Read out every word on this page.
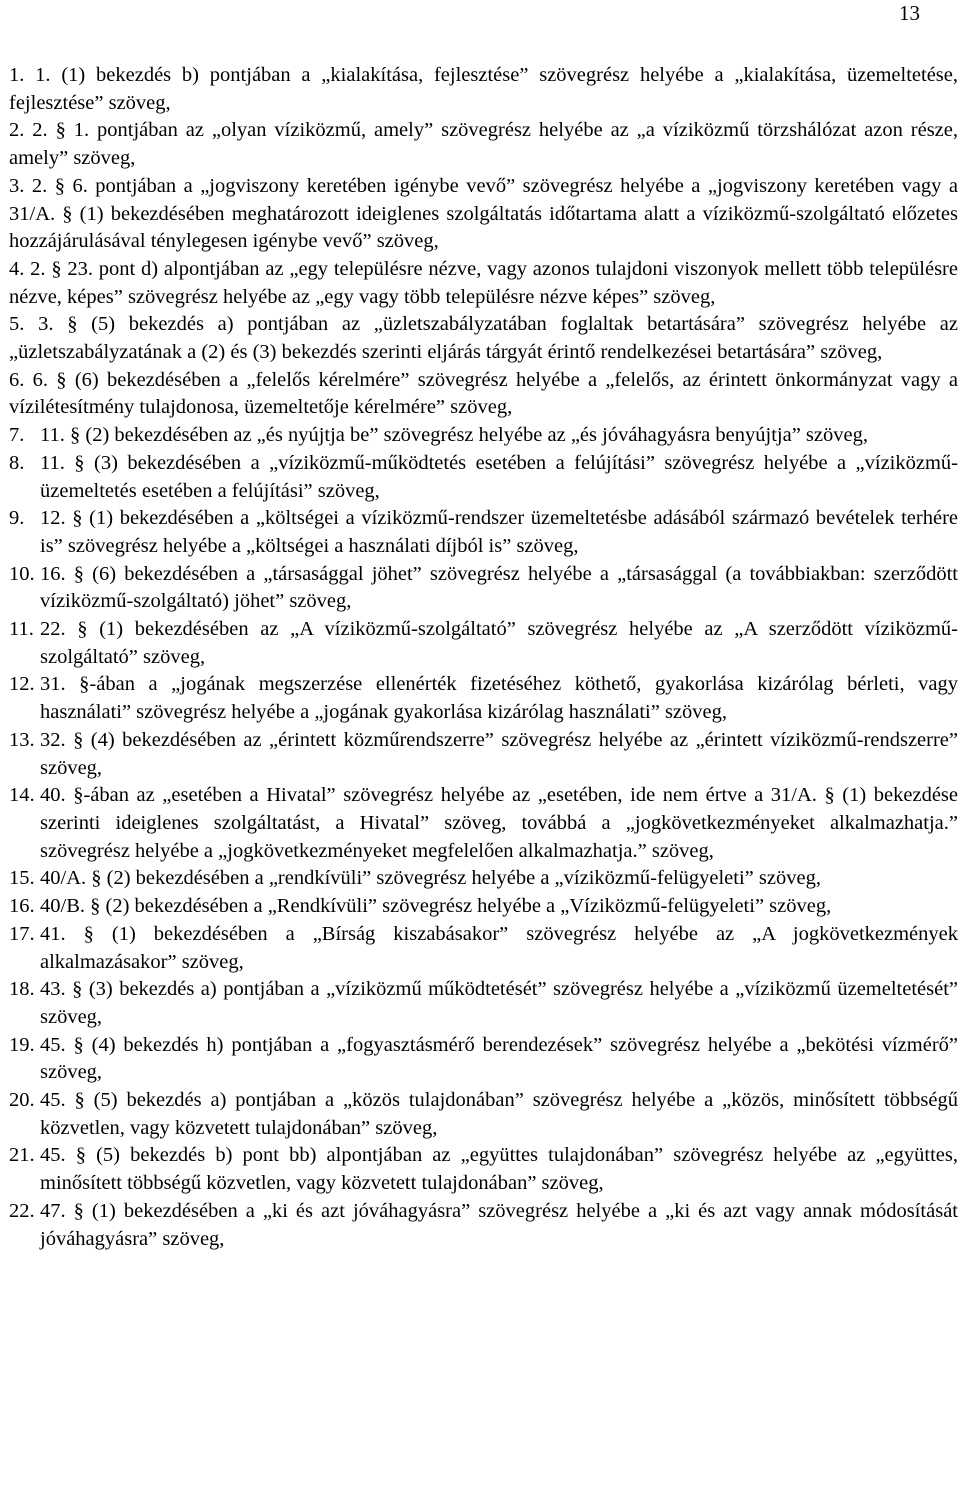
13
1. 1. (1) bekezdés b) pontjában a „kialakítása, fejlesztése” szövegrész helyébe a „kialakítása, üzemeltetése, fejlesztése” szöveg,
2. 2. § 1. pontjában az „olyan víziközmű, amely” szövegrész helyébe az „a víziközmű törzshálózat azon része, amely” szöveg,
3. 2. § 6. pontjában a „jogviszony keretében igénybe vevő” szövegrész helyébe a „jogviszony keretében vagy a 31/A. § (1) bekezdésében meghatározott ideiglenes szolgáltatás időtartama alatt a víziközmű-szolgáltató előzetes hozzájárulásával ténylegesen igénybe vevő” szöveg,
4. 2. § 23. pont d) alpontjában az „egy településre nézve, vagy azonos tulajdoni viszonyok mellett több településre nézve, képes” szövegrész helyébe az „egy vagy több településre nézve képes” szöveg,
5. 3. § (5) bekezdés a) pontjában az „üzletszabályzatában foglaltak betartására” szövegrész helyébe az „üzletszabályzatának a (2) és (3) bekezdés szerinti eljárás tárgyát érintő rendelkezései betartására” szöveg,
6. 6. § (6) bekezdésében a „felelős kérelmére” szövegrész helyébe a „felelős, az érintett önkormányzat vagy a vízilétesítmény tulajdonosa, üzemeltetője kérelmére” szöveg,
7. 11. § (2) bekezdésében az „és nyújtja be” szövegrész helyébe az „és jóváhagyásra benyújtja” szöveg,
8. 11. § (3) bekezdésében a „víziközmű-működtetés esetében a felújítási” szövegrész helyébe a „víziközmű-üzemeltetés esetében a felújítási” szöveg,
9. 12. § (1) bekezdésében a „költségei a víziközmű-rendszer üzemeltetésbe adásából származó bevételek terhére is” szövegrész helyébe a „költségei a használati díjból is” szöveg,
10. 16. § (6) bekezdésében a „társasággal jöhet” szövegrész helyébe a „társasággal (a továbbiakban: szerződött víziközmű-szolgáltató) jöhet” szöveg,
11. 22. § (1) bekezdésében az „A víziközmű-szolgáltató” szövegrész helyébe az „A szerződött víziközmű-szolgáltató” szöveg,
12. 31. §-ában a „jogának megszerzése ellenérték fizetéséhez köthető, gyakorlása kizárólag bérleti, vagy használati” szövegrész helyébe a „jogának gyakorlása kizárólag használati” szöveg,
13. 32. § (4) bekezdésében az „érintett közműrendszerre” szövegrész helyébe az „érintett víziközmű-rendszerre” szöveg,
14. 40. §-ában az „esetében a Hivatal” szövegrész helyébe az „esetében, ide nem értve a 31/A. § (1) bekezdése szerinti ideiglenes szolgáltatást, a Hivatal” szöveg, továbbá a „jogkövetkezményeket alkalmazhatja.” szövegrész helyébe a „jogkövetkezményeket megfelelően alkalmazhatja.” szöveg,
15. 40/A. § (2) bekezdésében a „rendkívüli” szövegrész helyébe a „víziközmű-felügyeleti” szöveg,
16. 40/B. § (2) bekezdésében a „Rendkívüli” szövegrész helyébe a „Víziközmű-felügyeleti” szöveg,
17. 41. § (1) bekezdésében a „Bírság kiszabásakor” szövegrész helyébe az „A jogkövetkezmények alkalmazásakor” szöveg,
18. 43. § (3) bekezdés a) pontjában a „víziközmű működtetését” szövegrész helyébe a „víziközmű üzemeltetését” szöveg,
19. 45. § (4) bekezdés h) pontjában a „fogyasztásmérő berendezések” szövegrész helyébe a „bekötési vízmérő” szöveg,
20. 45. § (5) bekezdés a) pontjában a „közös tulajdonában” szövegrész helyébe a „közös, minősített többségű közvetlen, vagy közvetett tulajdonában” szöveg,
21. 45. § (5) bekezdés b) pont bb) alpontjában az „együttes tulajdonában” szövegrész helyébe az „együttes, minősített többségű közvetlen, vagy közvetett tulajdonában” szöveg,
22. 47. § (1) bekezdésében a „ki és azt jóváhagyásra” szövegrész helyébe a „ki és azt vagy annak módosítását jóváhagyásra” szöveg,
